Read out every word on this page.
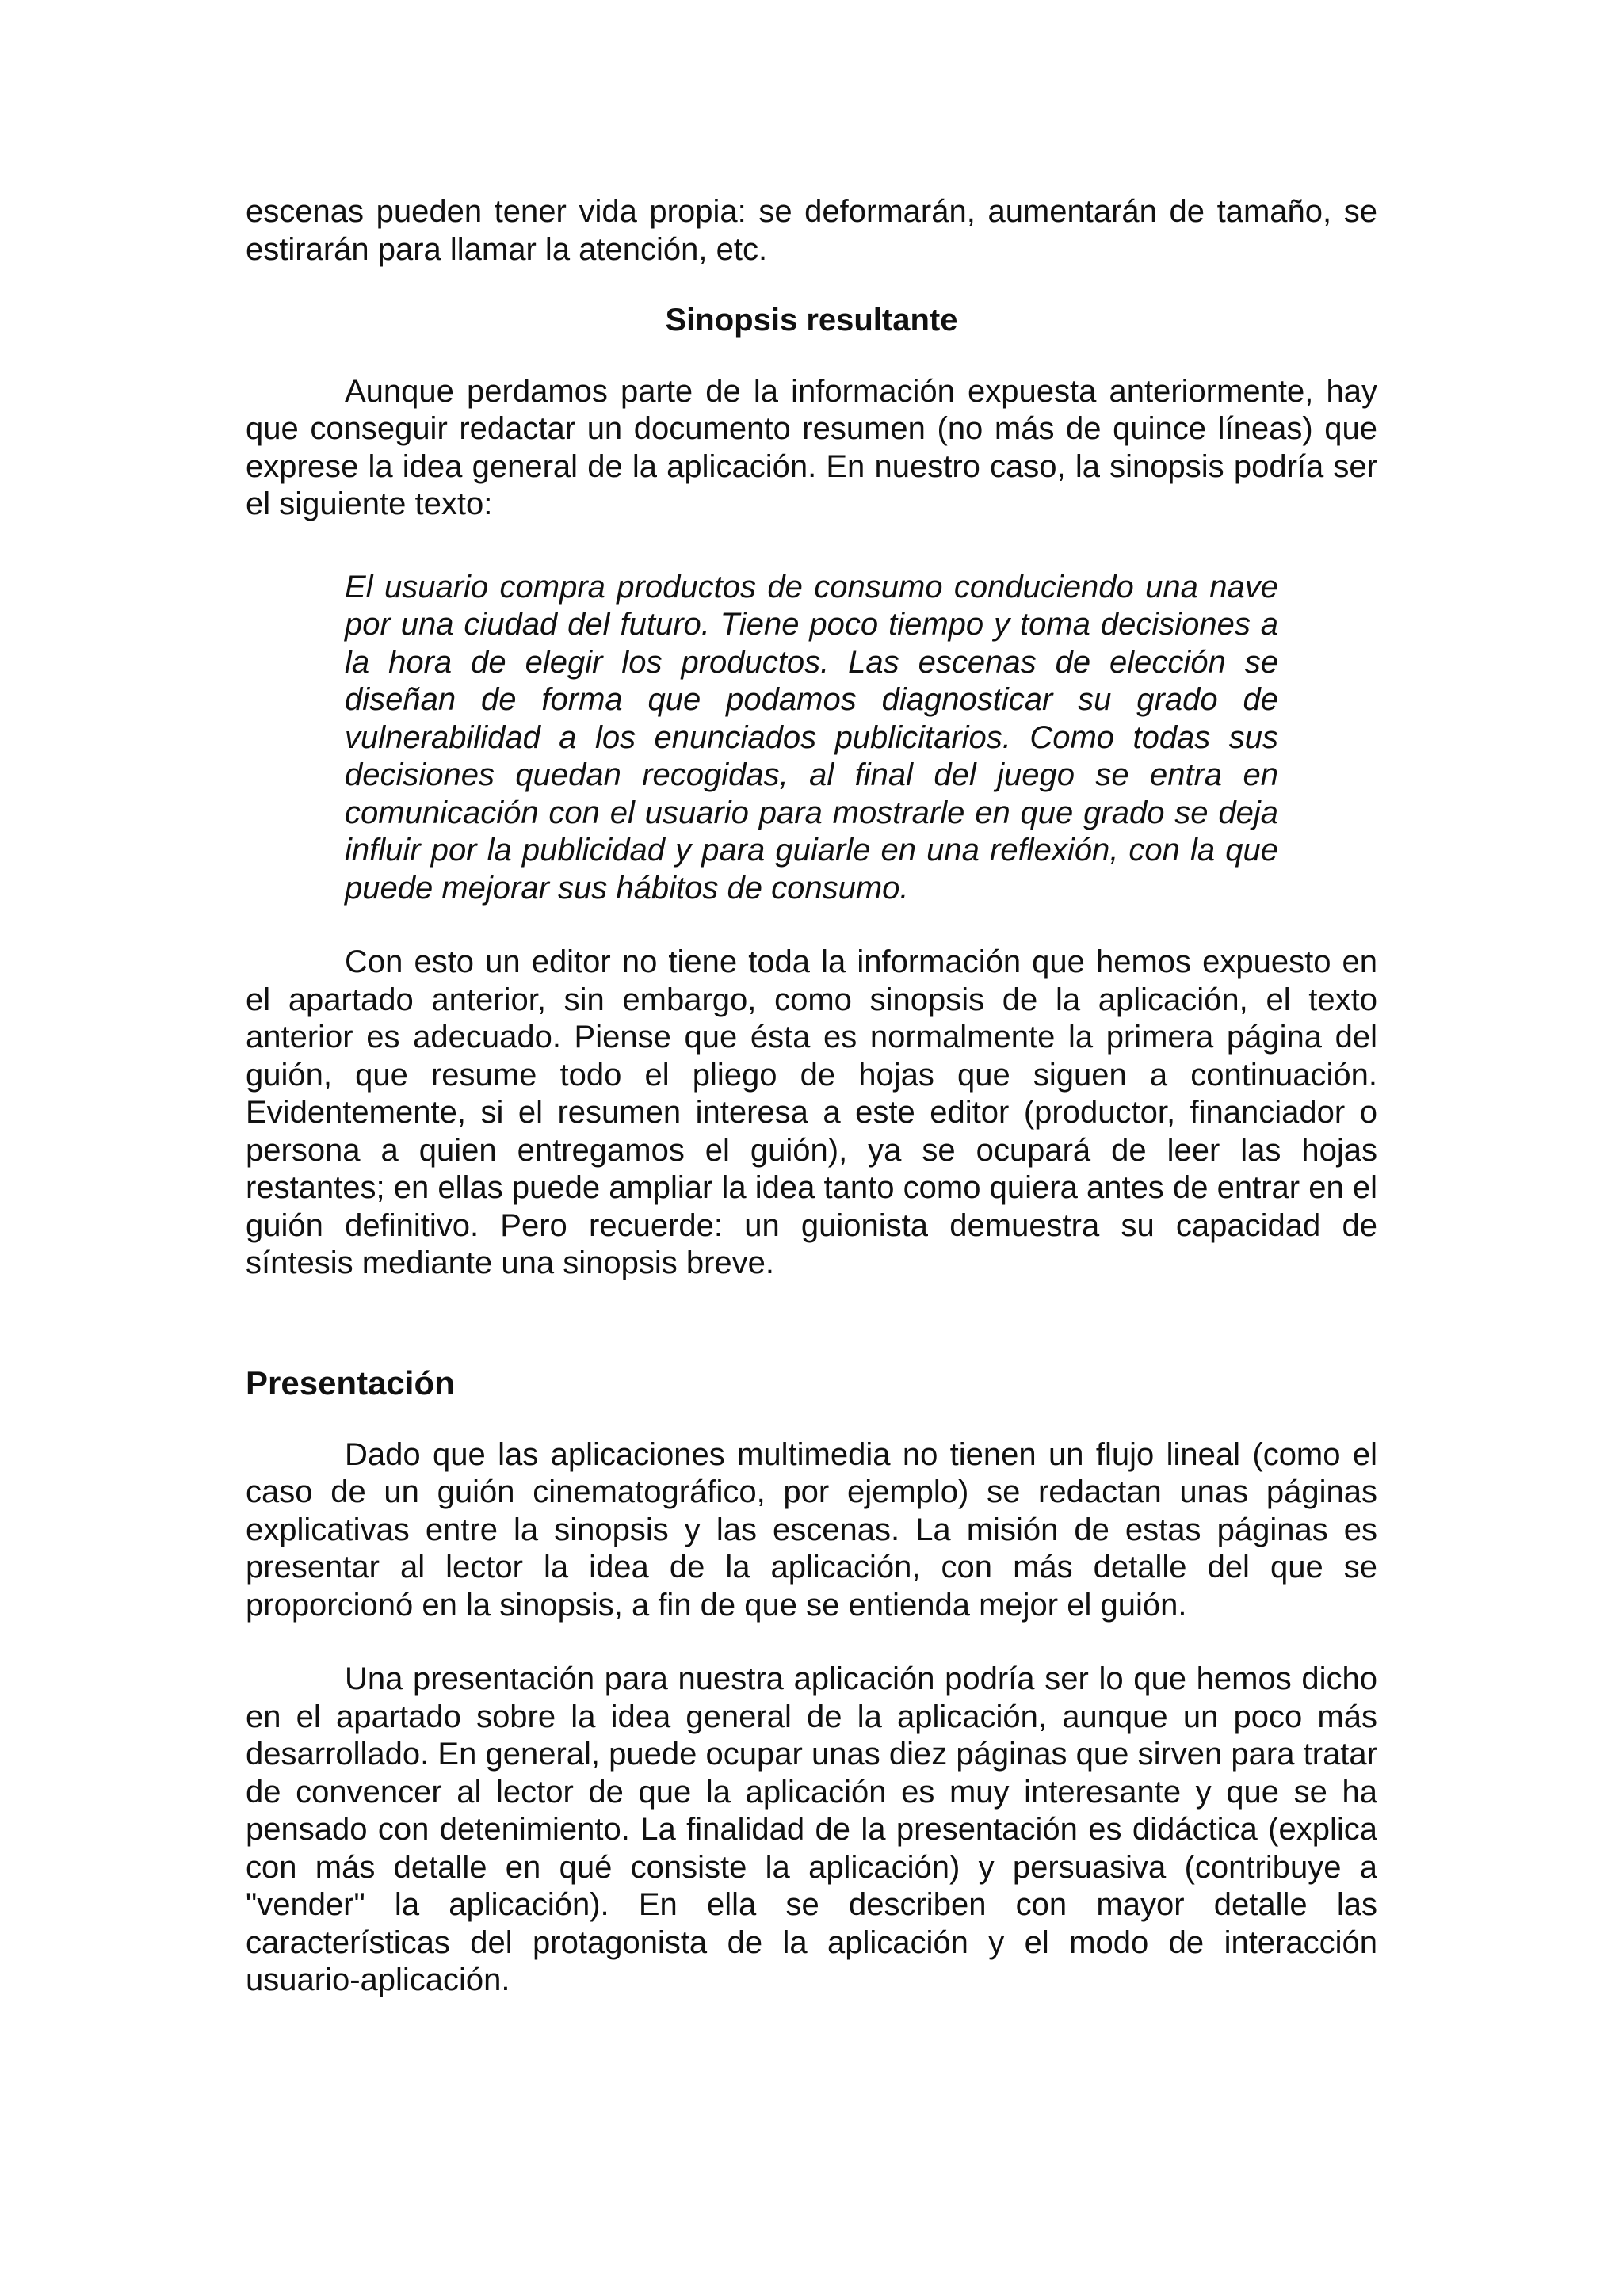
escenas pueden tener vida propia: se deformarán, aumentarán de tamaño, se estirarán para llamar la atención, etc.

Sinopsis resultante

Aunque perdamos parte de la información expuesta anteriormente, hay que conseguir redactar un documento resumen (no más de quince líneas) que exprese la idea general de la aplicación. En nuestro caso, la sinopsis podría ser el siguiente texto:

El usuario compra productos de consumo conduciendo una nave por una ciudad del futuro. Tiene poco tiempo y toma decisiones a la hora de elegir los productos. Las escenas de elección se diseñan de forma que podamos diagnosticar su grado de vulnerabilidad a los enunciados publicitarios. Como todas sus decisiones quedan recogidas, al final del juego se entra en comunicación con el usuario para mostrarle en que grado se deja influir por la publicidad y para guiarle en una reflexión, con la que puede mejorar sus hábitos de consumo.

Con esto un editor no tiene toda la información que hemos expuesto en el apartado anterior, sin embargo, como sinopsis de la aplicación, el texto anterior es adecuado. Piense que ésta es normalmente la primera página del guión, que resume todo el pliego de hojas que siguen a continuación. Evidentemente, si el resumen interesa a este editor (productor, financiador o persona a quien entregamos el guión), ya se ocupará de leer las hojas restantes; en ellas puede ampliar la idea tanto como quiera antes de entrar en el guión definitivo. Pero recuerde: un guionista demuestra su capacidad de síntesis mediante una sinopsis breve.

Presentación

Dado que las aplicaciones multimedia no tienen un flujo lineal (como el caso de un guión cinematográfico, por ejemplo) se redactan unas páginas explicativas entre la sinopsis y las escenas. La misión de estas páginas es presentar al lector la idea de la aplicación, con más detalle del que se proporcionó en la sinopsis, a fin de que se entienda mejor el guión.

Una presentación para nuestra aplicación podría ser lo que hemos dicho en el apartado sobre la idea general de la aplicación, aunque un poco más desarrollado. En general, puede ocupar unas diez páginas que sirven para tratar de convencer al lector de que la aplicación es muy interesante y que se ha pensado con detenimiento. La finalidad de la presentación es didáctica (explica con más detalle en qué consiste la aplicación) y persuasiva (contribuye a "vender" la aplicación). En ella se describen con mayor detalle las características del protagonista de la aplicación y el modo de interacción usuario-aplicación.
